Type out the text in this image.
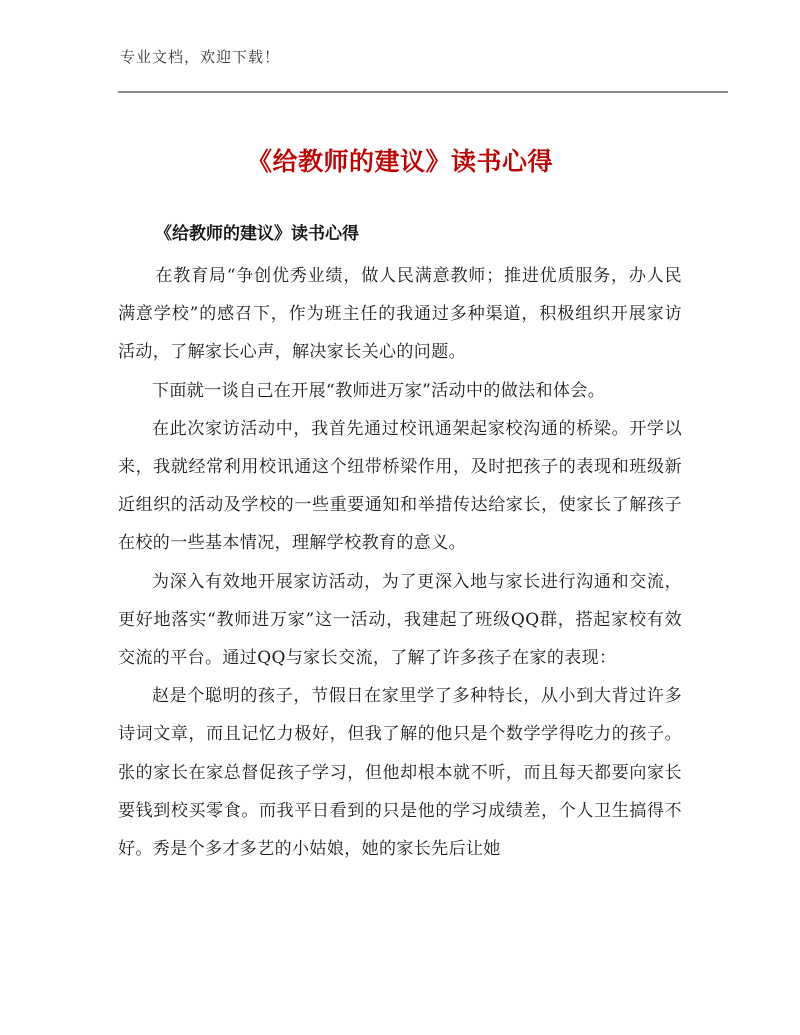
专业文档，欢迎下载！
《给教师的建议》读书心得
《给教师的建议》读书心得

在教育局“争创优秀业绩，做人民满意教师；推进优质服务，办人民满意学校”的感召下，作为班主任的我通过多种渠道，积极组织开展家访活动，了解家长心声，解决家长关心的问题。

下面就一谈自己在开展“教师进万家”活动中的做法和体会。

在此次家访活动中，我首先通过校讯通架起家校沟通的桥梁。开学以来，我就经常利用校讯通这个纽带桥梁作用，及时把孩子的表现和班级新近组织的活动及学校的一些重要通知和举措传达给家长，使家长了解孩子在校的一些基本情况，理解学校教育的意义。

为深入有效地开展家访活动，为了更深入地与家长进行沟通和交流，更好地落实“教师进万家”这一活动，我建起了班级QQ群，搭起家校有效交流的平台。通过QQ与家长交流，了解了许多孩子在家的表现：

赵是个聪明的孩子，节假日在家里学了多种特长，从小到大背过许多诗词文章，而且记忆力极好，但我了解的他只是个数学学得吃力的孩子。张的家长在家总督促孩子学习，但他却根本就不听，而且每天都要向家长要钱到校买零食。而我平日看到的只是他的学习成绩差，个人卫生搞得不好。秀是个多才多艺的小姑娘，她的家长先后让她
